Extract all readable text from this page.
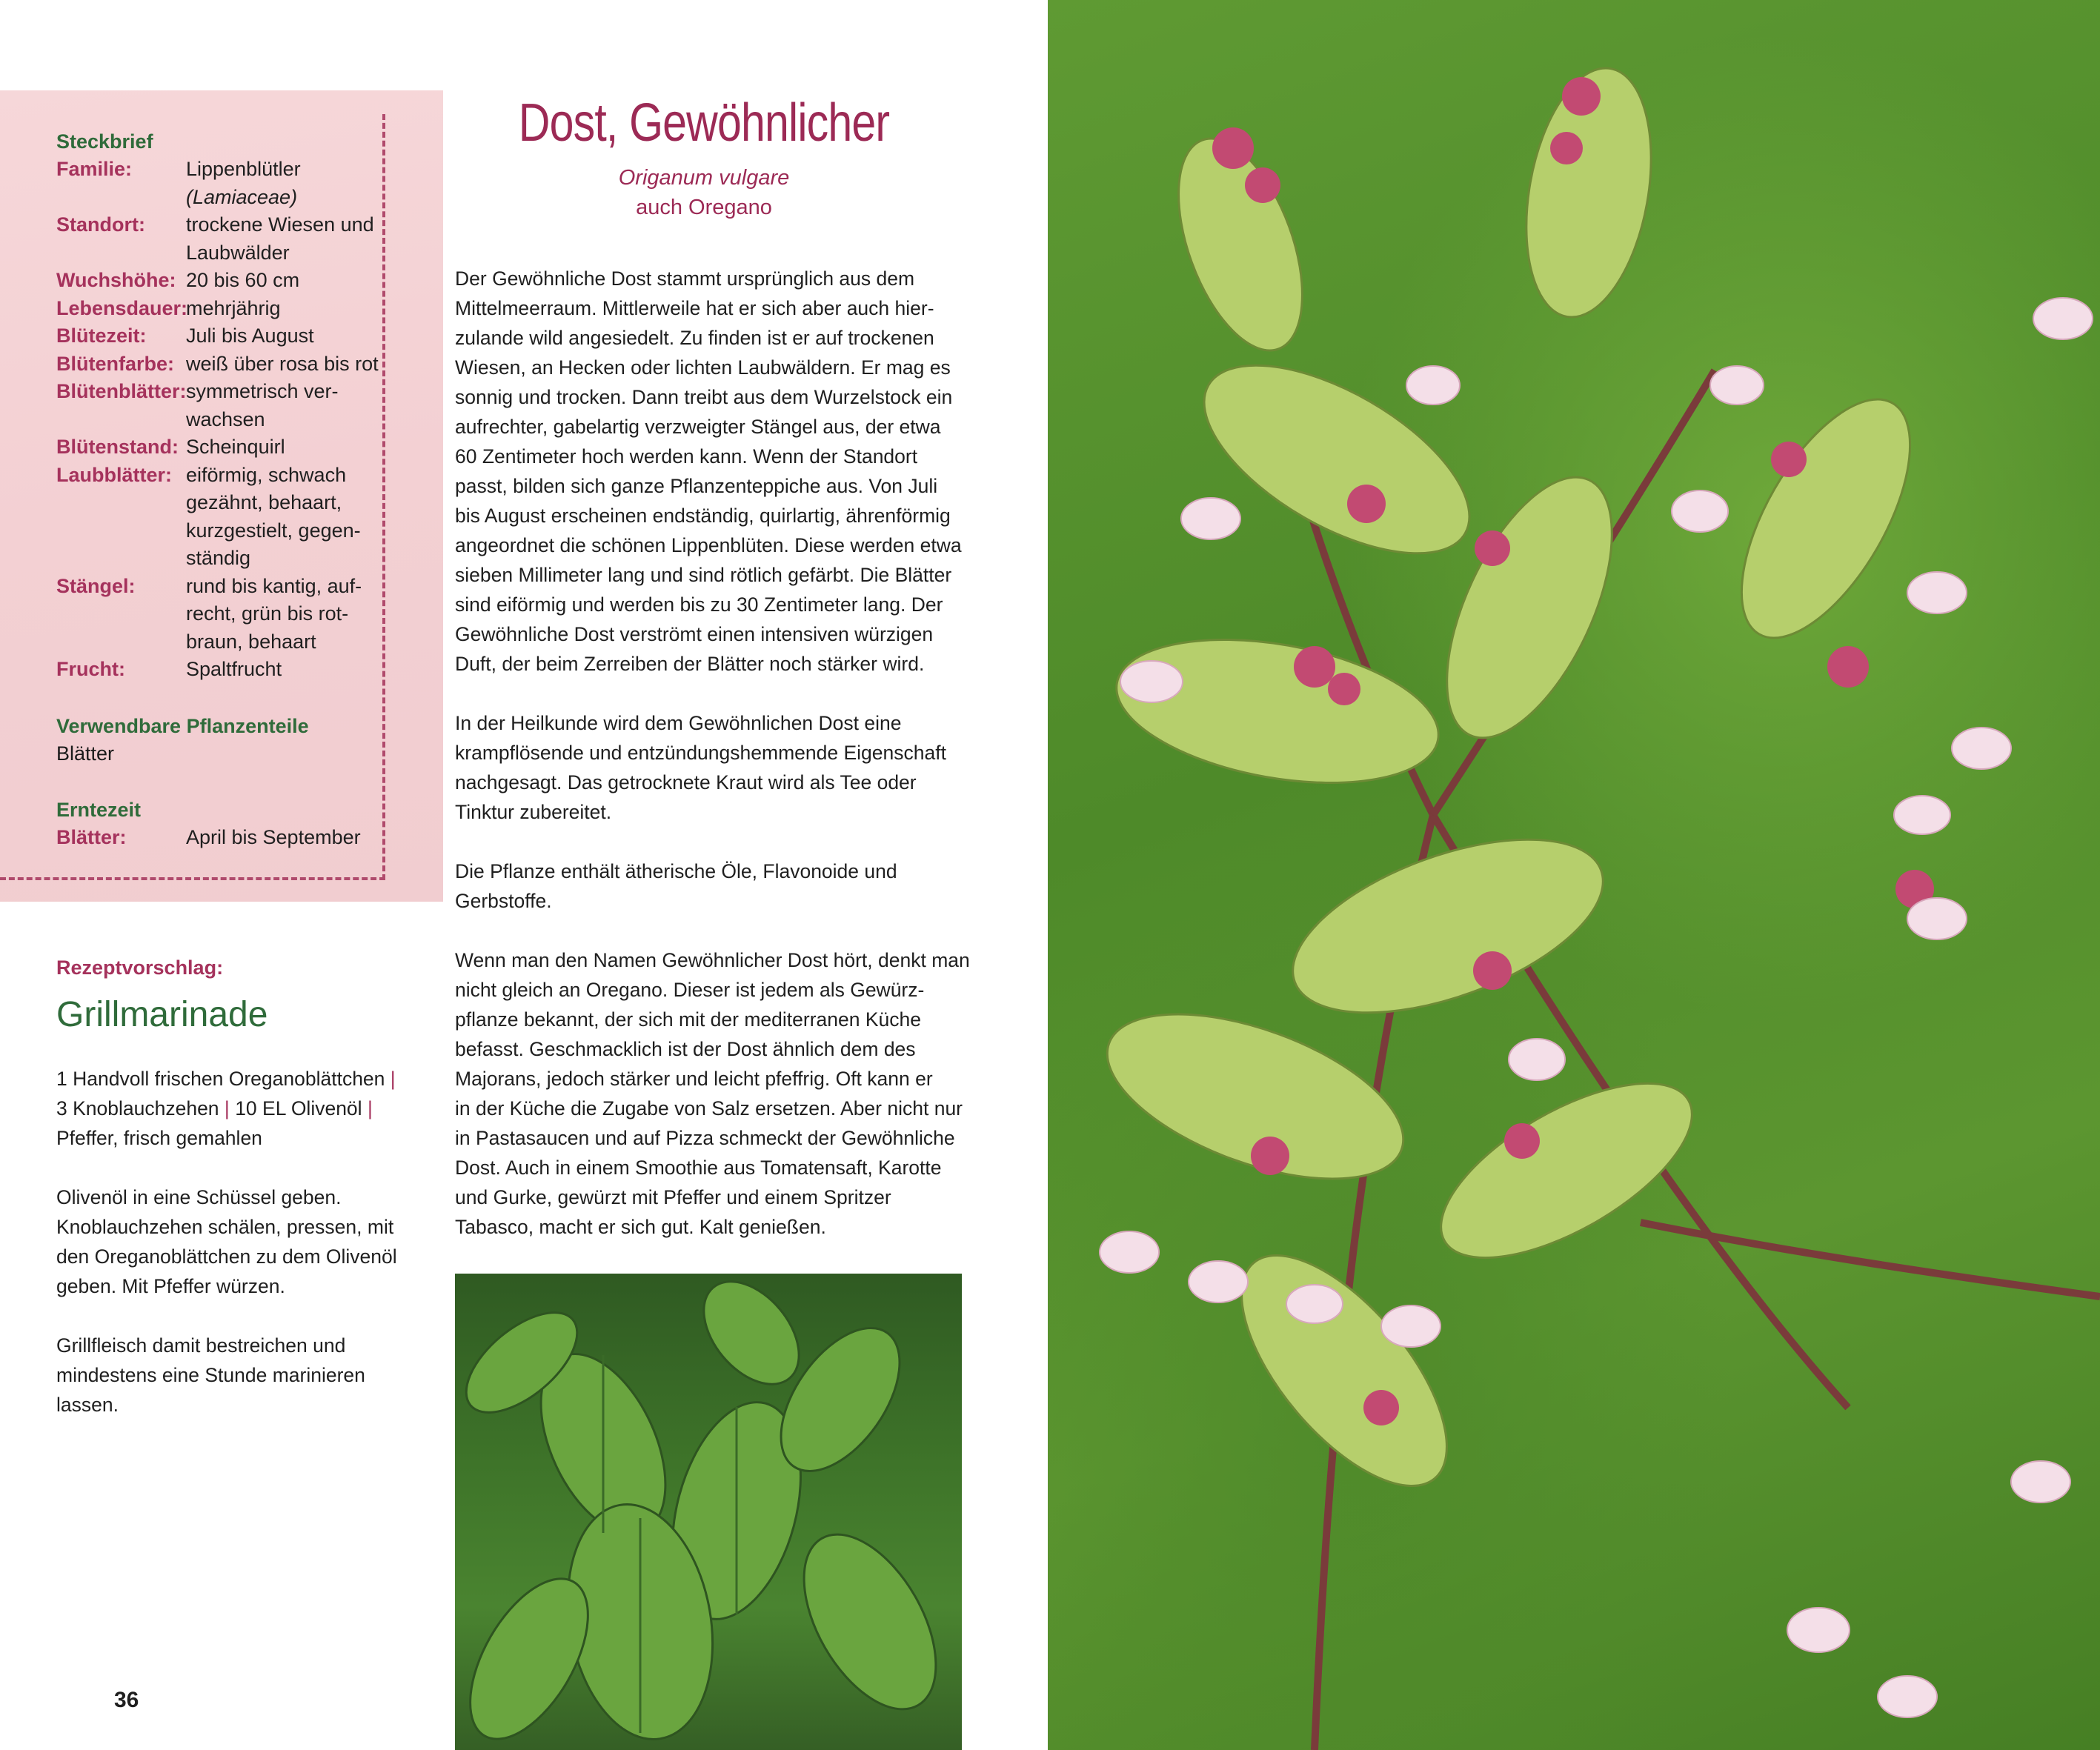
Steckbrief
Familie:	Lippenblütler
(Lamiaceae)
Standort:	trockene Wiesen und
Laubwälder
Wuchshöhe: 20 bis 60 cm
Lebensdauer:
mehrjährig
Blütezeit:	Juli bis August
Blütenfarbe: weiß über rosa bis rot
Blütenblätter: symmetrisch ver-
wachsen
Blütenstand: Scheinquirl
Laubblätter: eiförmig, schwach
gezähnt, behaart,
kurzgestielt, gegen-
ständig
Stängel:	rund bis kantig, auf-
recht, grün bis rot-
braun, behaart
Frucht:	Spaltfrucht
Verwendbare Pflanzenteile
Blätter
Erntezeit
Blätter:	April bis September
Dost, Gewöhnlicher
Origanum vulgare
auch Oregano
Der Gewöhnliche Dost stammt ursprünglich aus dem
Mittelmeerraum. Mittlerweile hat er sich aber auch hier-
zulande wild angesiedelt. Zu finden ist er auf trockenen
Wiesen, an Hecken oder lichten Laubwäldern. Er mag es
sonnig und trocken. Dann treibt aus dem Wurzelstock ein
aufrechter, gabelartig verzweigter Stängel aus, der etwa
60 Zentimeter hoch werden kann. Wenn der Standort
passt, bilden sich ganze Pflanzenteppiche aus. Von Juli
bis August erscheinen endständig, quirlartig, ährenförmig
angeordnet die schönen Lippenblüten. Diese werden etwa
sieben Millimeter lang und sind rötlich gefärbt. Die Blätter
sind eiförmig und werden bis zu 30 Zentimeter lang. Der
Gewöhnliche Dost verströmt einen intensiven würzigen
Duft, der beim Zerreiben der Blätter noch stärker wird.
In der Heilkunde wird dem Gewöhnlichen Dost eine
krampflösende und entzündungshemmende Eigenschaft
nachgesagt. Das getrocknete Kraut wird als Tee oder
Tinktur zubereitet.
Die Pflanze enthält ätherische Öle, Flavonoide und
Gerbstoffe.
Wenn man den Namen Gewöhnlicher Dost hört, denkt man
nicht gleich an Oregano. Dieser ist jedem als Gewürz-
pflanze bekannt, der sich mit der mediterranen Küche
befasst. Geschmacklich ist der Dost ähnlich dem des
Majorans, jedoch stärker und leicht pfeffrig. Oft kann er
in der Küche die Zugabe von Salz ersetzen. Aber nicht nur
in Pastasaucen und auf Pizza schmeckt der Gewöhnliche
Dost. Auch in einem Smoothie aus Tomatensaft, Karotte
und Gurke, gewürzt mit Pfeffer und einem Spritzer
Tabasco, macht er sich gut. Kalt genießen.
Rezeptvorschlag:
Grillmarinade
1 Handvoll frischen Oreganoblättchen |
3 Knoblauchzehen | 10 EL Olivenöl |
Pfeffer, frisch gemahlen
Olivenöl in eine Schüssel geben.
Knoblauchzehen schälen, pressen, mit
den Oreganoblättchen zu dem Olivenöl
geben. Mit Pfeffer würzen.
Grillfleisch damit bestreichen und
mindestens eine Stunde marinieren
lassen.
36
